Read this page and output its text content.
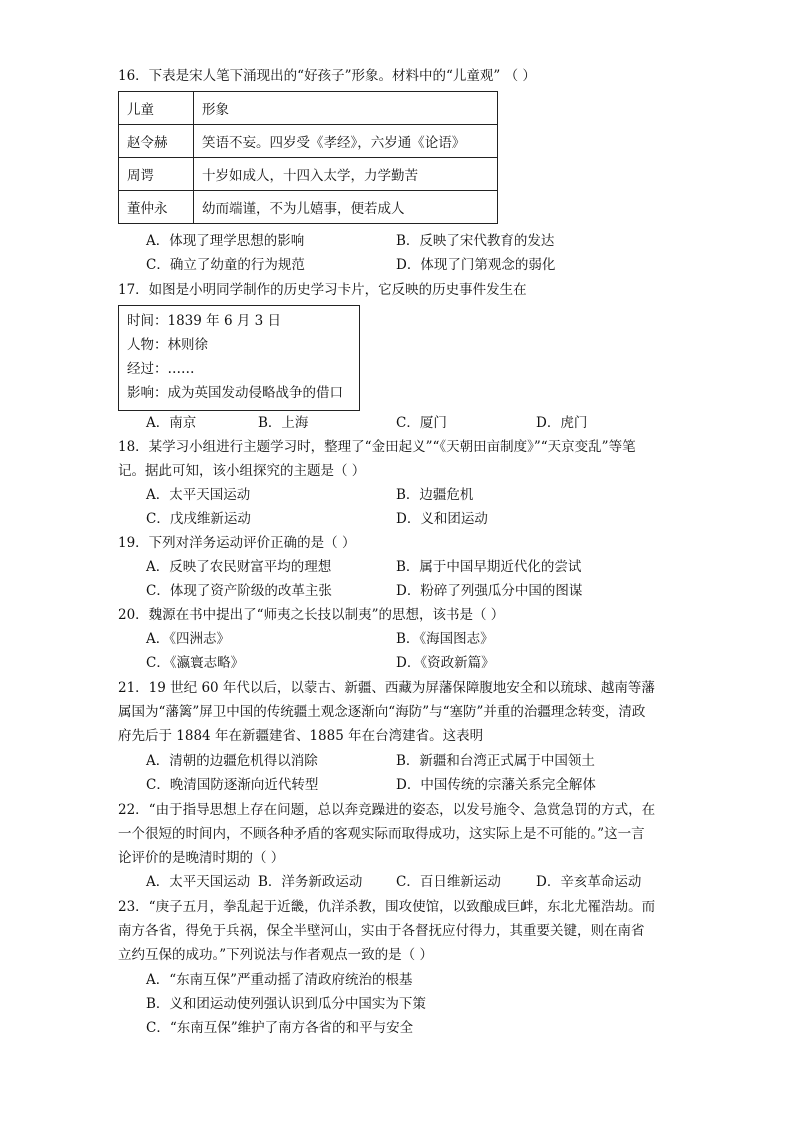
16．下表是宋人笔下涌现出的“好孩子”形象。材料中的“儿童观” （ ）
儿童	形象
赵令赫	笑语不妄。四岁受《孝经》，六岁通《论语》
周谔	十岁如成人，十四入太学，力学勤苦
董仲永	幼而端谨，不为儿嬉事，便若成人
A．体现了理学思想的影响	B．反映了宋代教育的发达
C．确立了幼童的行为规范	D．体现了门第观念的弱化
17．如图是小明同学制作的历史学习卡片，它反映的历史事件发生在
时间：1839 年 6 月 3 日
人物：林则徐
经过：……
影响：成为英国发动侵略战争的借口
A．南京	B．上海	C．厦门	D．虎门
18．某学习小组进行主题学习时，整理了“金田起义”“《天朝田亩制度》”“天京变乱”等笔
记。据此可知，该小组探究的主题是（ ）
A．太平天国运动	B．边疆危机
C．戊戌维新运动	D．义和团运动
19．下列对洋务运动评价正确的是（ ）
A．反映了农民财富平均的理想	B．属于中国早期近代化的尝试
C．体现了资产阶级的改革主张	D．粉碎了列强瓜分中国的图谋
20．魏源在书中提出了“师夷之长技以制夷”的思想，该书是（ ）
A．《四洲志》	B．《海国图志》
C．《瀛寰志略》	D．《资政新篇》
21．19 世纪 60 年代以后，以蒙古、新疆、西藏为屏藩保障腹地安全和以琉球、越南等藩
属国为“藩篱”屏卫中国的传统疆土观念逐渐向“海防”与“塞防”并重的治疆理念转变，清政
府先后于 1884 年在新疆建省、1885 年在台湾建省。这表明
A．清朝的边疆危机得以消除	B．新疆和台湾正式属于中国领土
C．晚清国防逐渐向近代转型	D．中国传统的宗藩关系完全解体
22．“由于指导思想上存在问题，总以奔竞躁进的姿态，以发号施令、急赏急罚的方式，在
一个很短的时间内，不顾各种矛盾的客观实际而取得成功，这实际上是不可能的。”这一言
论评价的是晚清时期的（ ）
A．太平天国运动 B．洋务新政运动 C．百日维新运动	D．辛亥革命运动
23．“庚子五月，拳乱起于近畿，仇洋杀教，围攻使馆，以致酿成巨衅，东北尤罹浩劫。而
南方各省，得免于兵祸，保全半壁河山，实由于各督抚应付得力，其重要关键，则在南省
立约互保的成功。”下列说法与作者观点一致的是（ ）
A．“东南互保”严重动摇了清政府统治的根基
B．义和团运动使列强认识到瓜分中国实为下策
C．“东南互保”维护了南方各省的和平与安全
